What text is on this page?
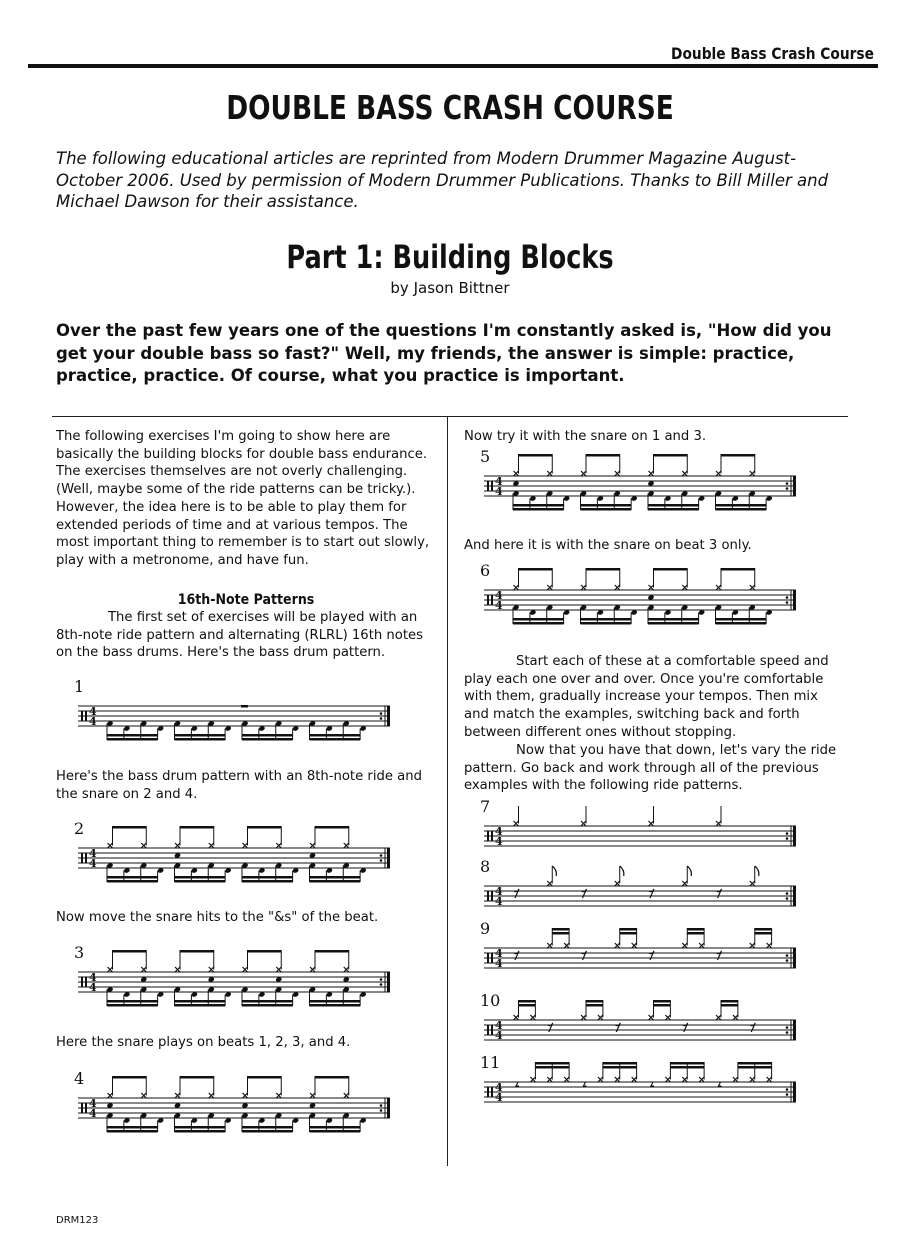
Double Bass Crash Course
DOUBLE BASS CRASH COURSE
The following educational articles are reprinted from Modern Drummer Magazine August-October 2006. Used by permission of Modern Drummer Publications. Thanks to Bill Miller and Michael Dawson for their assistance.
Part 1: Building Blocks
by Jason Bittner
Over the past few years one of the questions I'm constantly asked is, "How did you get your double bass so fast?" Well, my friends, the answer is simple: practice, practice, practice. Of course, what you practice is important.
The following exercises I'm going to show here are basically the building blocks for double bass endurance. The exercises themselves are not overly challenging. (Well, maybe some of the ride patterns can be tricky.). However, the idea here is to be able to play them for extended periods of time and at various tempos. The most important thing to remember is to start out slowly, play with a metronome, and have fun.
16th-Note Patterns
The first set of exercises will be played with an 8th-note ride pattern and alternating (RLRL) 16th notes on the bass drums. Here's the bass drum pattern.
1
4
4
Here's the bass drum pattern with an 8th-note ride and the snare on 2 and 4.
2
4
4
Now move the snare hits to the "&s" of the beat.
3
4
4
Here the snare plays on beats 1, 2, 3, and 4.
4
4
4
Now try it with the snare on 1 and 3.
5
4
4
And here it is with the snare on beat 3 only.
6
4
4
Start each of these at a comfortable speed and play each one over and over. Once you're comfortable with them, gradually increase your tempos. Then mix and match the examples, switching back and forth between different ones without stopping.
Now that you have that down, let's vary the ride pattern. Go back and work through all of the previous examples with the following ride patterns.
7
4
4
8
4
4
9
4
4
10
4
4
11
4
4
DRM123
